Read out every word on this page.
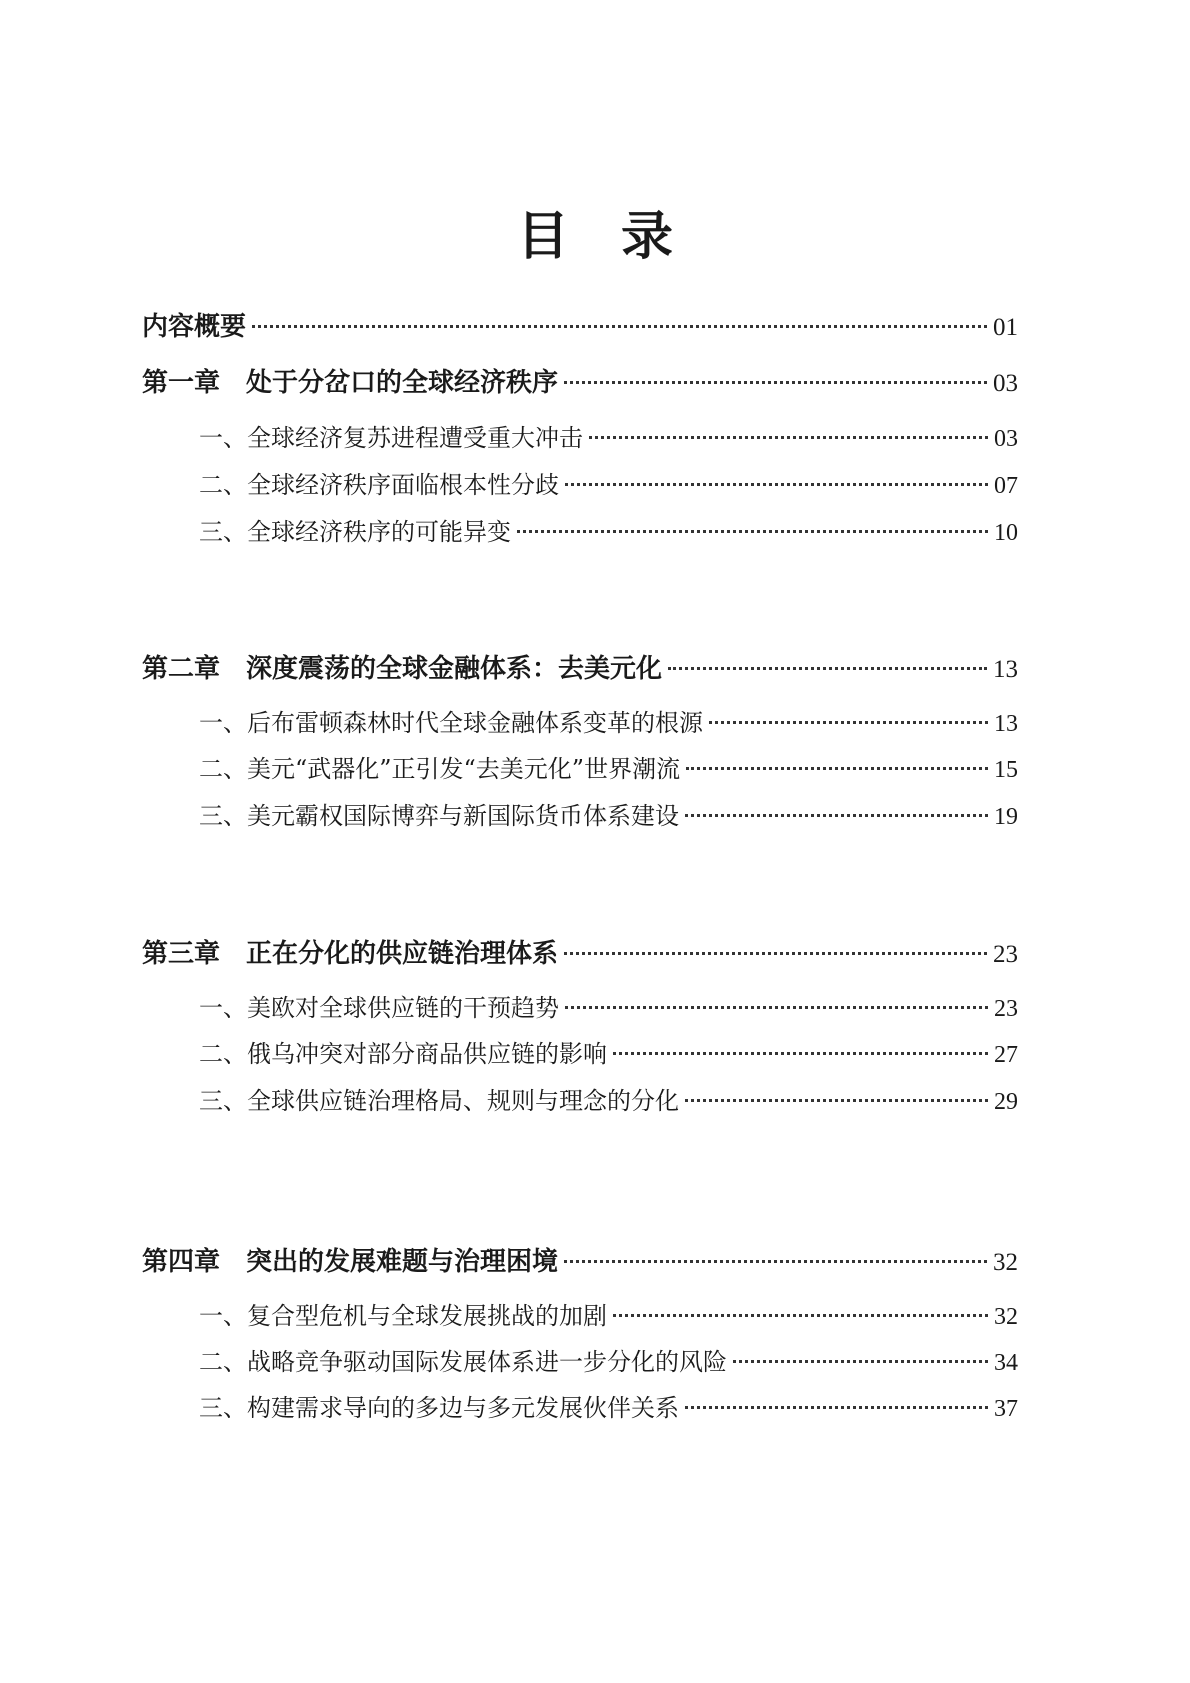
目 录
内容概要	01
第一章 处于分岔口的全球经济秩序	03
一、全球经济复苏进程遭受重大冲击	03
二、全球经济秩序面临根本性分歧	07
三、全球经济秩序的可能异变	10
第二章 深度震荡的全球金融体系：去美元化	13
一、后布雷顿森林时代全球金融体系变革的根源	13
二、美元“武器化”正引发“去美元化”世界潮流	15
三、美元霸权国际博弈与新国际货币体系建设	19
第三章 正在分化的供应链治理体系	23
一、美欧对全球供应链的干预趋势	23
二、俄乌冲突对部分商品供应链的影响	27
三、全球供应链治理格局、规则与理念的分化	29
第四章 突出的发展难题与治理困境	32
一、复合型危机与全球发展挑战的加剧	32
二、战略竞争驱动国际发展体系进一步分化的风险	34
三、构建需求导向的多边与多元发展伙伴关系	37
